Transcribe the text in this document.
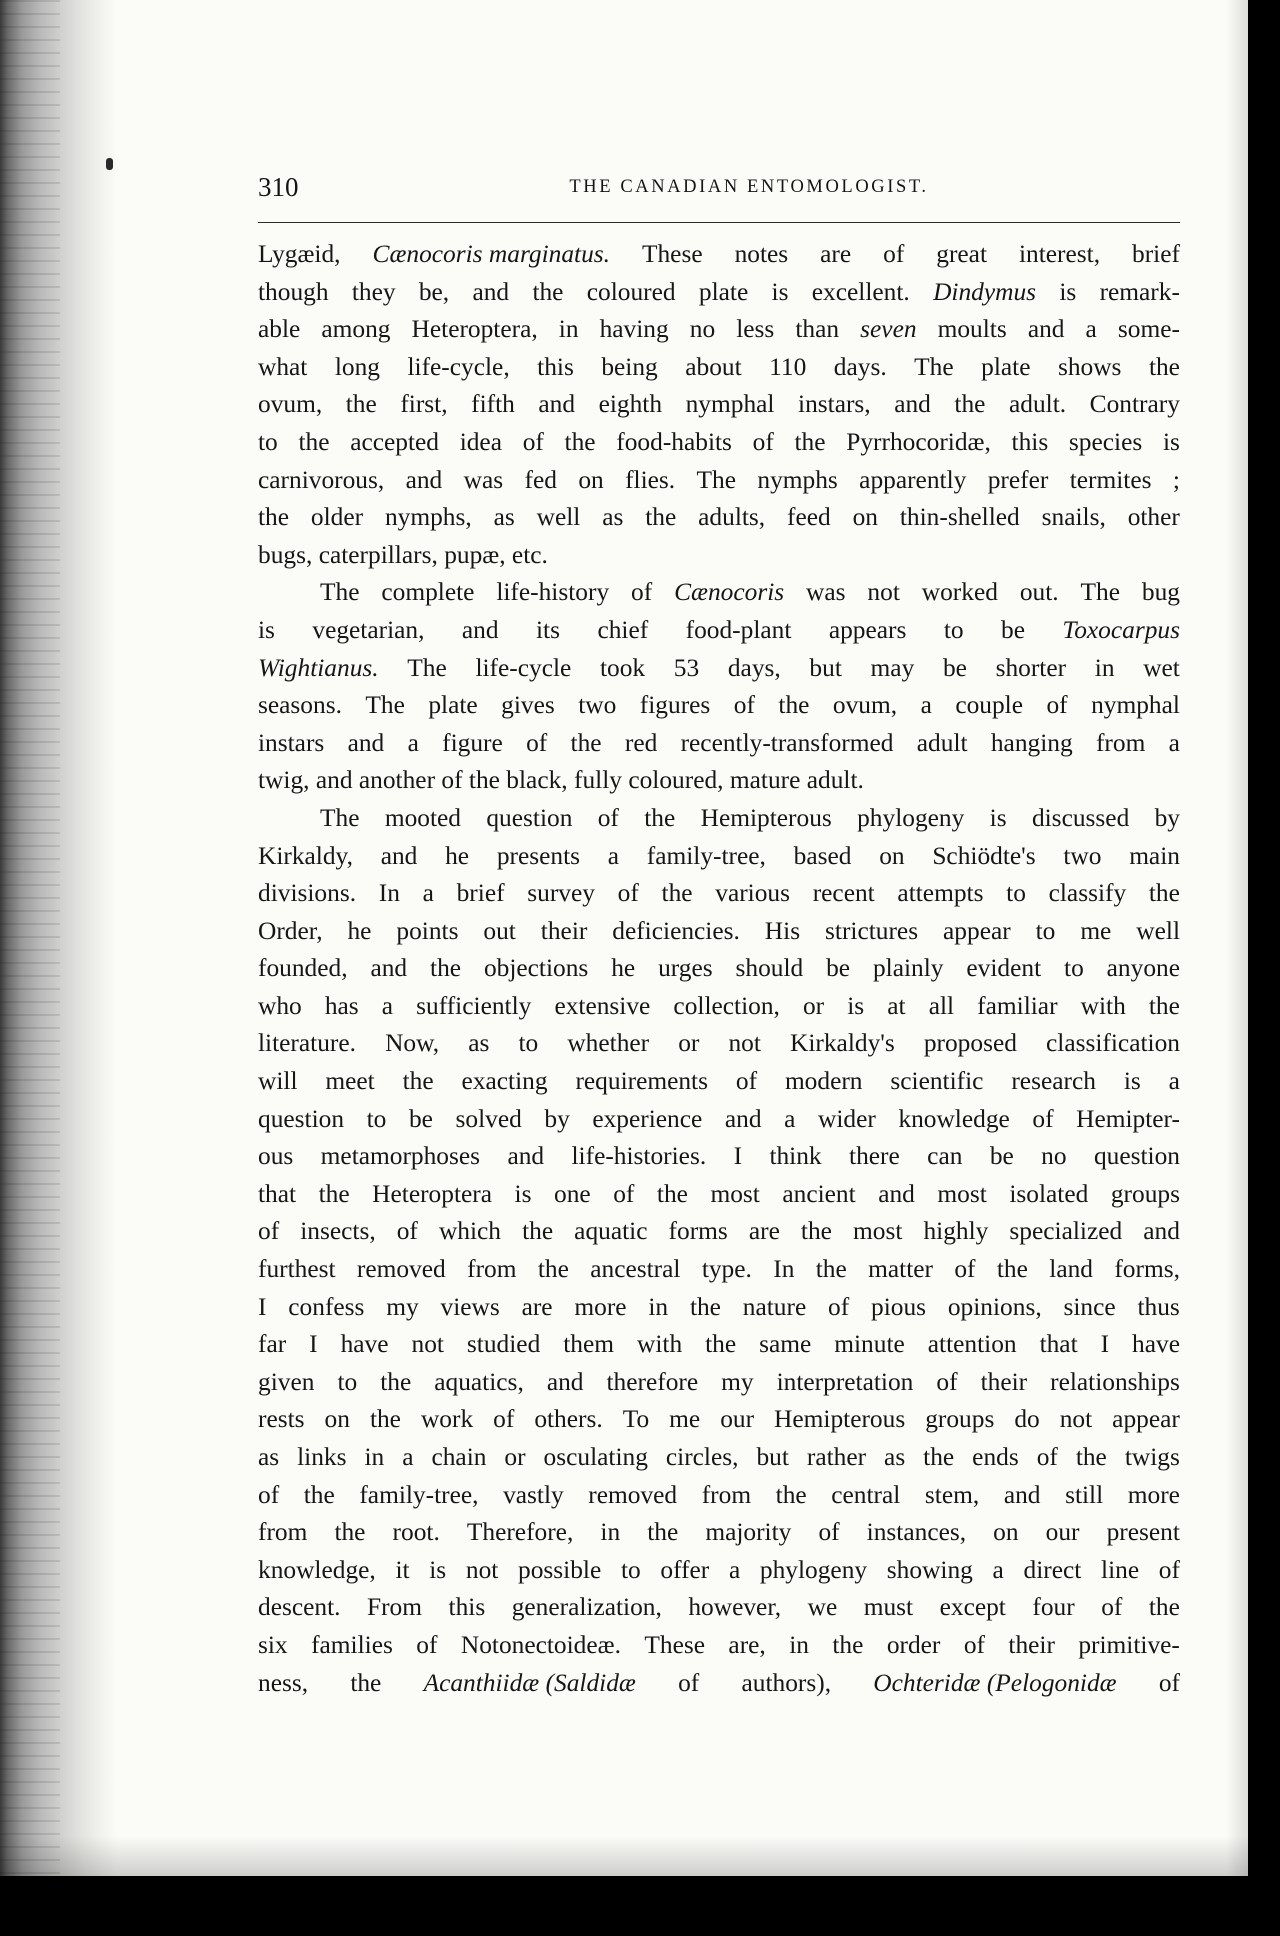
310	THE CANADIAN ENTOMOLOGIST.
Lygæid, Cænocoris marginatus. These notes are of great interest, brief
though they be, and the coloured plate is excellent. Dindymus is remark-
able among Heteroptera, in having no less than seven moults and a some-
what long life-cycle, this being about 110 days. The plate shows the
ovum, the first, fifth and eighth nymphal instars, and the adult. Contrary
to the accepted idea of the food-habits of the Pyrrhocoridæ, this species is
carnivorous, and was fed on flies. The nymphs apparently prefer termites ;
the older nymphs, as well as the adults, feed on thin-shelled snails, other
bugs, caterpillars, pupæ, etc.
The complete life-history of Cænocoris was not worked out. The bug
is vegetarian, and its chief food-plant appears to be Toxocarpus
Wightianus. The life-cycle took 53 days, but may be shorter in wet
seasons. The plate gives two figures of the ovum, a couple of nymphal
instars and a figure of the red recently-transformed adult hanging from a
twig, and another of the black, fully coloured, mature adult.
The mooted question of the Hemipterous phylogeny is discussed by
Kirkaldy, and he presents a family-tree, based on Schiödte's two main
divisions. In a brief survey of the various recent attempts to classify the
Order, he points out their deficiencies. His strictures appear to me well
founded, and the objections he urges should be plainly evident to anyone
who has a sufficiently extensive collection, or is at all familiar with the
literature. Now, as to whether or not Kirkaldy's proposed classification
will meet the exacting requirements of modern scientific research is a
question to be solved by experience and a wider knowledge of Hemipter-
ous metamorphoses and life-histories. I think there can be no question
that the Heteroptera is one of the most ancient and most isolated groups
of insects, of which the aquatic forms are the most highly specialized and
furthest removed from the ancestral type. In the matter of the land forms,
I confess my views are more in the nature of pious opinions, since thus
far I have not studied them with the same minute attention that I have
given to the aquatics, and therefore my interpretation of their relationships
rests on the work of others. To me our Hemipterous groups do not appear
as links in a chain or osculating circles, but rather as the ends of the twigs
of the family-tree, vastly removed from the central stem, and still more
from the root. Therefore, in the majority of instances, on our present
knowledge, it is not possible to offer a phylogeny showing a direct line of
descent. From this generalization, however, we must except four of the
six families of Notonectoideæ. These are, in the order of their primitive-
ness, the Acanthiidæ (Saldidæ of authors), Ochteridæ (Pelogonidæ of
